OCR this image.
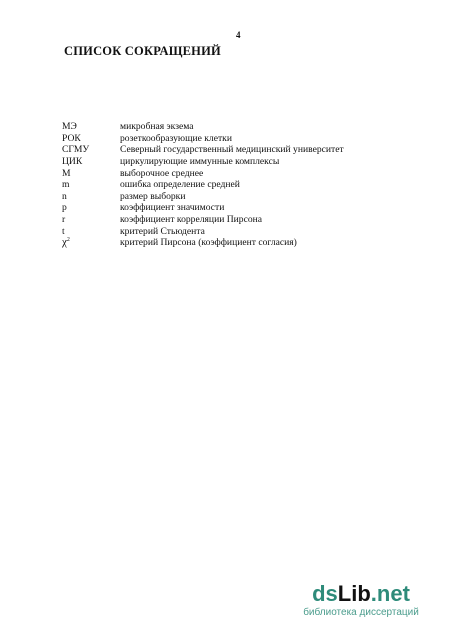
4
СПИСОК СОКРАЩЕНИЙ
МЭ	микробная экзема
РОК	розеткообразующие клетки
СГМУ	Северный государственный медицинский университет
ЦИК	циркулирующие иммунные комплексы
М	выборочное среднее
m	ошибка определение средней
n	размер выборки
p	коэффициент значимости
r	коэффициент корреляции Пирсона
t	критерий Стьюдента
$\chi^2$	критерий Пирсона (коэффициент согласия)
dsLib.net
библиотека диссертаций
